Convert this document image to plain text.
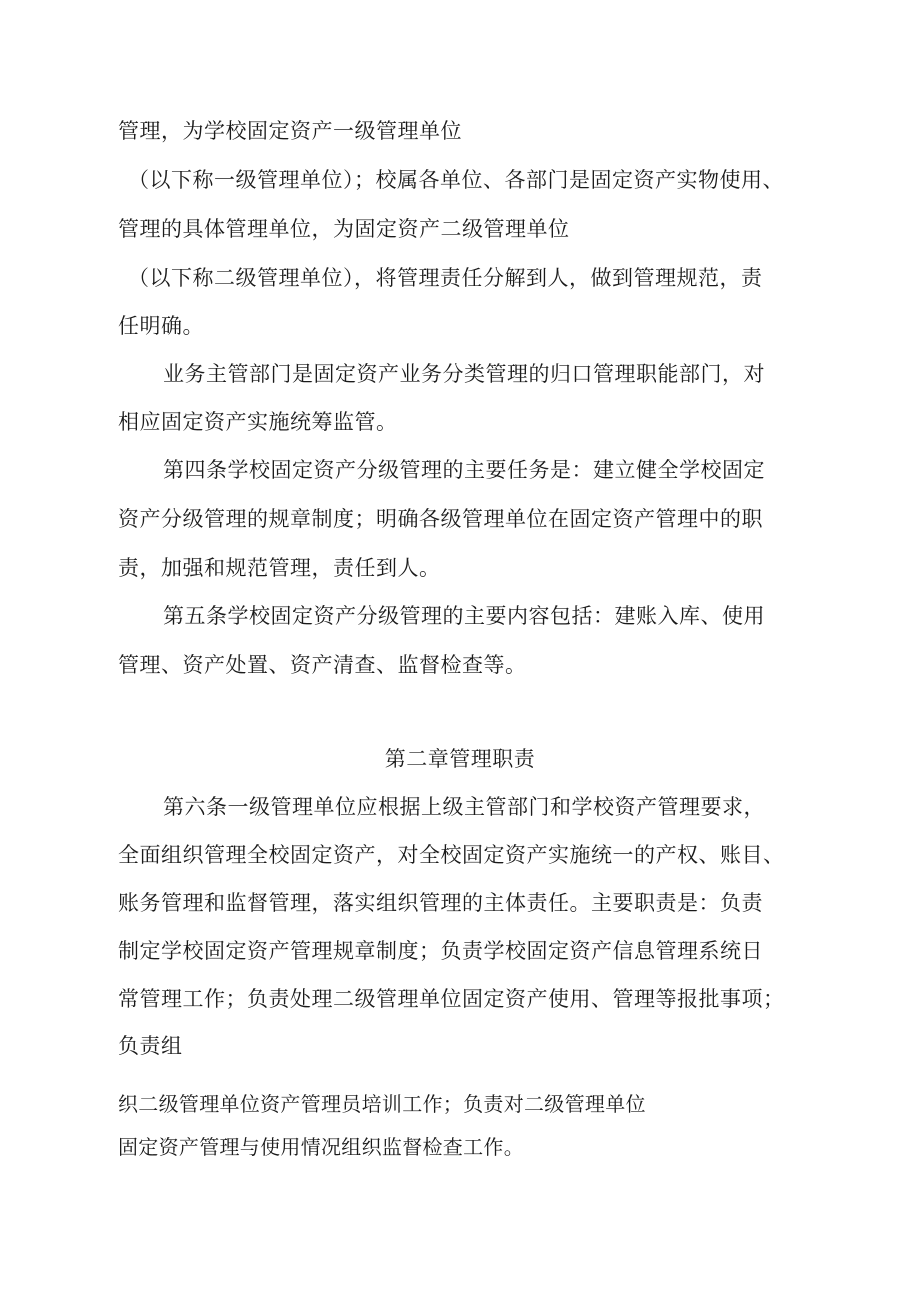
管理，为学校固定资产一级管理单位
（以下称一级管理单位）；校属各单位、各部门是固定资产实物使用、
管理的具体管理单位，为固定资产二级管理单位
（以下称二级管理单位），将管理责任分解到人，做到管理规范，责
任明确。
业务主管部门是固定资产业务分类管理的归口管理职能部门，对
相应固定资产实施统筹监管。
第四条学校固定资产分级管理的主要任务是：建立健全学校固定
资产分级管理的规章制度；明确各级管理单位在固定资产管理中的职
责，加强和规范管理，责任到人。
第五条学校固定资产分级管理的主要内容包括：建账入库、使用
管理、资产处置、资产清查、监督检查等。
第二章管理职责
第六条一级管理单位应根据上级主管部门和学校资产管理要求，
全面组织管理全校固定资产，对全校固定资产实施统一的产权、账目、
账务管理和监督管理，落实组织管理的主体责任。主要职责是：负责
制定学校固定资产管理规章制度；负责学校固定资产信息管理系统日
常管理工作；负责处理二级管理单位固定资产使用、管理等报批事项；
负责组
织二级管理单位资产管理员培训工作；负责对二级管理单位
固定资产管理与使用情况组织监督检查工作。
